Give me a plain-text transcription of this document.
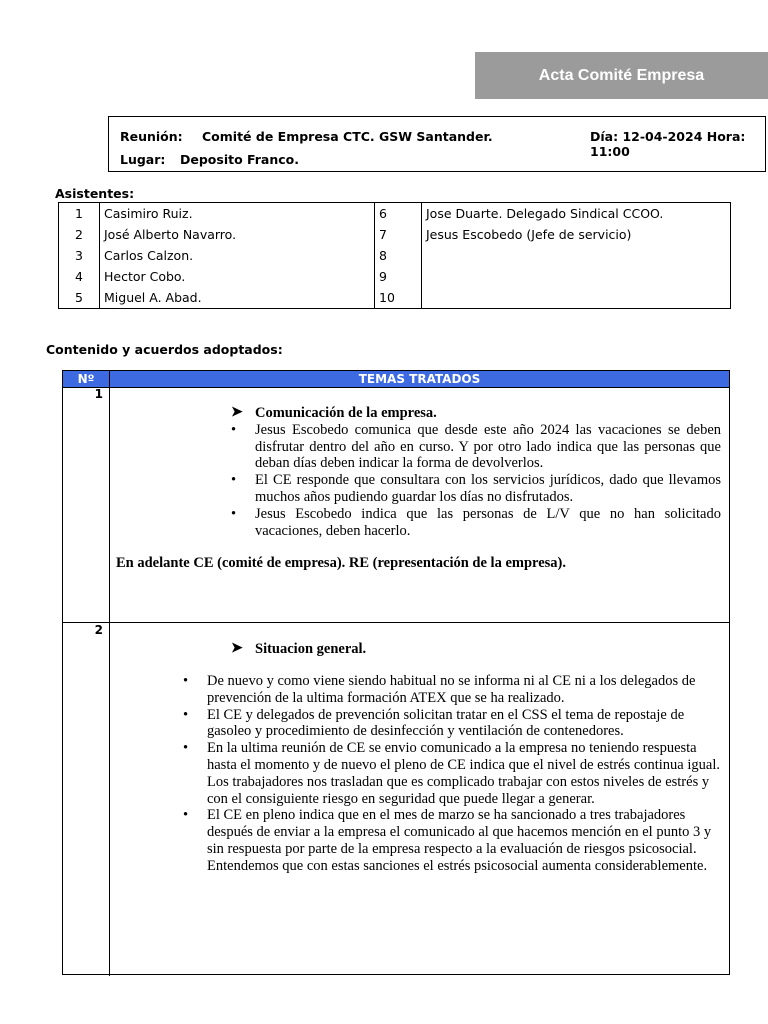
Acta Comité Empresa
Reunión: Comité de Empresa CTC. GSW Santander.
Lugar: Deposito Franco.
Día: 12-04-2024 Hora: 11:00
Asistentes:
1	Casimiro Ruiz.	6	Jose Duarte. Delegado Sindical CCOO.
2	José Alberto Navarro.	7	Jesus Escobedo (Jefe de servicio)
3	Carlos Calzon.	8	
4	Hector Cobo.	9	
5	Miguel A. Abad.	10	
Contenido y acuerdos adoptados:
Nº	TEMAS TRATADOS
1
➤ Comunicación de la empresa.
• Jesus Escobedo comunica que desde este año 2024 las vacaciones se deben disfrutar dentro del año en curso. Y por otro lado indica que las personas que deban días deben indicar la forma de devolverlos.
• El CE responde que consultara con los servicios jurídicos, dado que llevamos muchos años pudiendo guardar los días no disfrutados.
• Jesus Escobedo indica que las personas de L/V que no han solicitado vacaciones, deben hacerlo.
En adelante CE (comité de empresa). RE (representación de la empresa).
2
➤ Situacion general.
• De nuevo y como viene siendo habitual no se informa ni al CE ni a los delegados de prevención de la ultima formación ATEX que se ha realizado.
• El CE y delegados de prevención solicitan tratar en el CSS el tema de repostaje de gasoleo y procedimiento de desinfección y ventilación de contenedores.
• En la ultima reunión de CE se envio comunicado a la empresa no teniendo respuesta hasta el momento y de nuevo el pleno de CE indica que el nivel de estrés continua igual. Los trabajadores nos trasladan que es complicado trabajar con estos niveles de estrés y con el consiguiente riesgo en seguridad que puede llegar a generar.
• El CE en pleno indica que en el mes de marzo se ha sancionado a tres trabajadores después de enviar a la empresa el comunicado al que hacemos mención en el punto 3 y sin respuesta por parte de la empresa respecto a la evaluación de riesgos psicosocial. Entendemos que con estas sanciones el estrés psicosocial aumenta considerablemente.
